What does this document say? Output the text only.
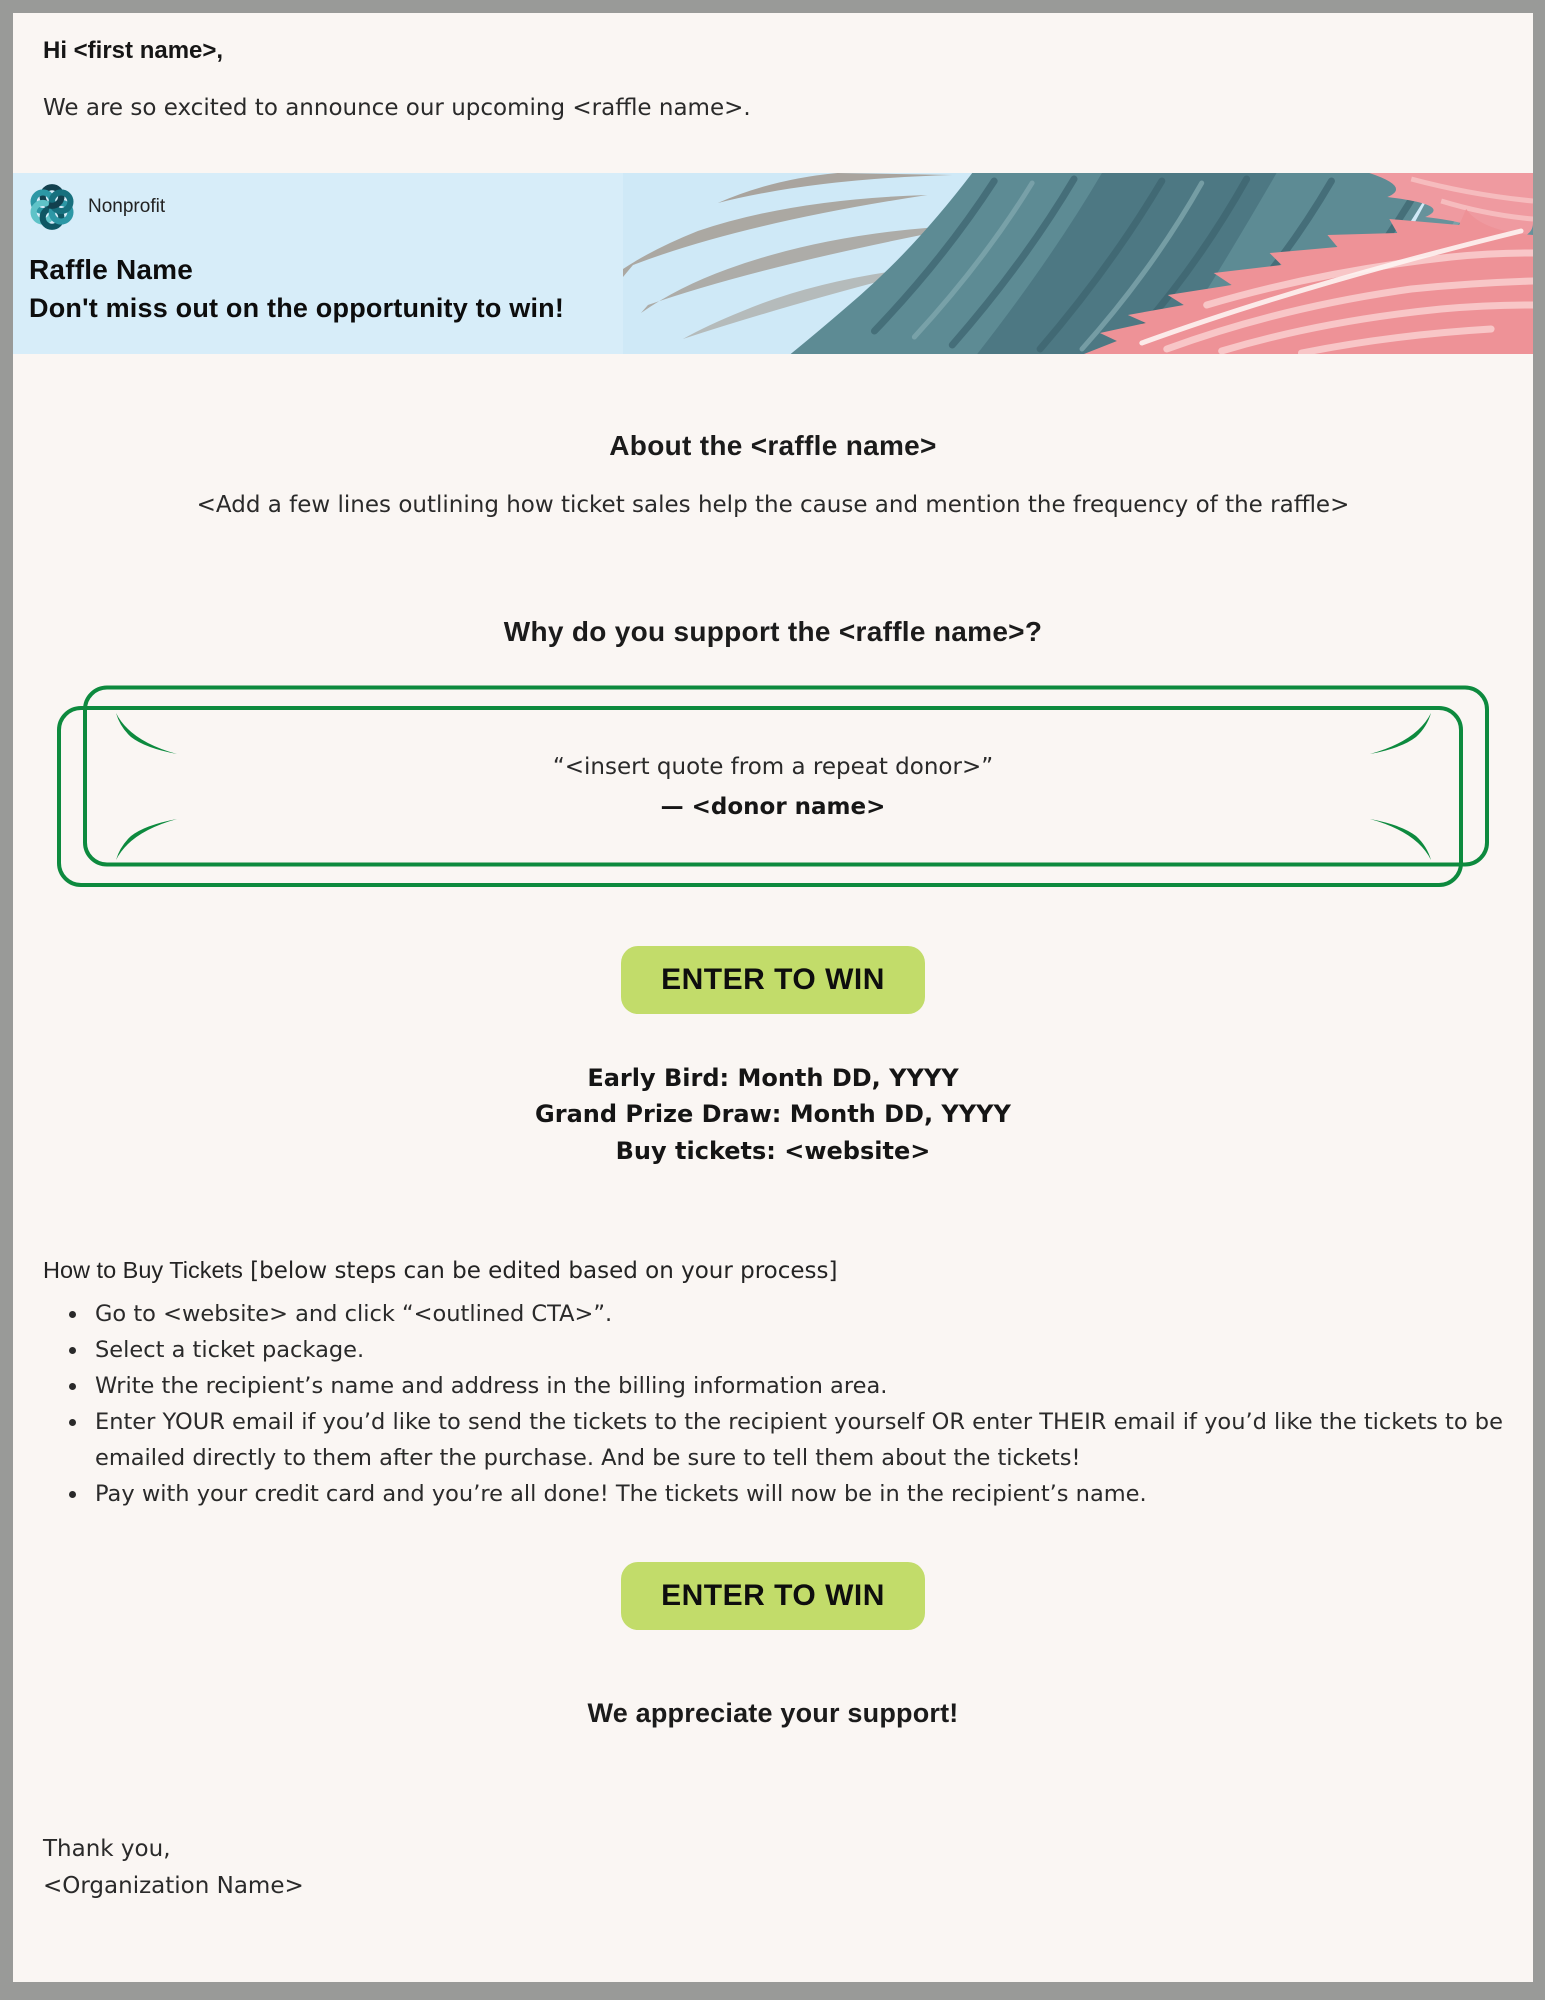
Hi <first name>,

We are so excited to announce our upcoming <raffle name>.

Nonprofit
Raffle Name
Don't miss out on the opportunity to win!
About the <raffle name>

<Add a few lines outlining how ticket sales help the cause and mention the frequency of the raffle>

Why do you support the <raffle name>?

“<insert quote from a repeat donor>”

— <donor name>

ENTER TO WIN

Early Bird: Month DD, YYYY

Grand Prize Draw: Month DD, YYYY

Buy tickets: <website>

How to Buy Tickets [below steps can be edited based on your process]

• Go to <website> and click “<outlined CTA>”.
• Select a ticket package.
• Write the recipient’s name and address in the billing information area.
• Enter YOUR email if you’d like to send the tickets to the recipient yourself OR enter THEIR email if you’d like the tickets to be emailed directly to them after the purchase. And be sure to tell them about the tickets!
• Pay with your credit card and you’re all done! The tickets will now be in the recipient’s name.
ENTER TO WIN

We appreciate your support!

Thank you,
<Organization Name>
